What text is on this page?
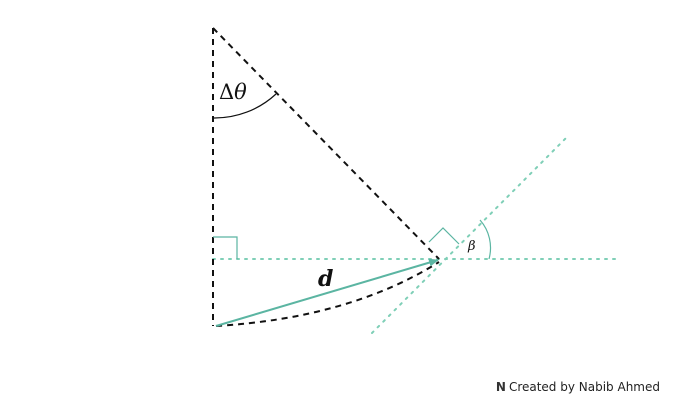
Δθ
d
β
N Created by Nabib Ahmed
